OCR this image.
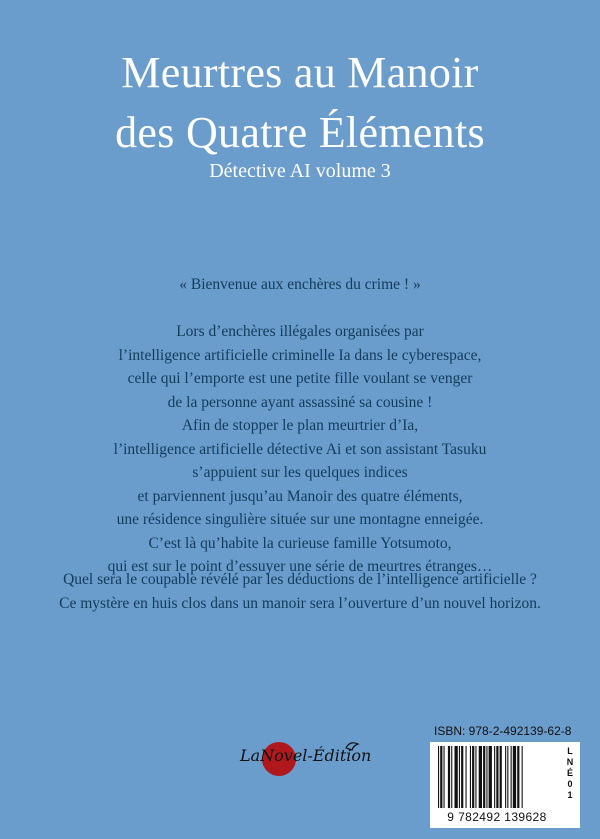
Meurtres au Manoir
des Quatre Éléments
Détective AI volume 3
« Bienvenue aux enchères du crime ! »
Lors d’enchères illégales organisées par
l’intelligence artificielle criminelle Ia dans le cyberespace,
celle qui l’emporte est une petite fille voulant se venger
de la personne ayant assassiné sa cousine !
Afin de stopper le plan meurtrier d’Ia,
l’intelligence artificielle détective Ai et son assistant Tasuku
s’appuient sur les quelques indices
et parviennent jusqu’au Manoir des quatre éléments,
une résidence singulière située sur une montagne enneigée.
C’est là qu’habite la curieuse famille Yotsumoto,
qui est sur le point d’essuyer une série de meurtres étranges…
Quel sera le coupable révélé par les déductions de l’intelligence artificielle ?
Ce mystère en huis clos dans un manoir sera l’ouverture d’un nouvel horizon.
LaNovel-Édition
ISBN: 978-2-492139-62-8
9 782492 139628
L
N
É
0
1
